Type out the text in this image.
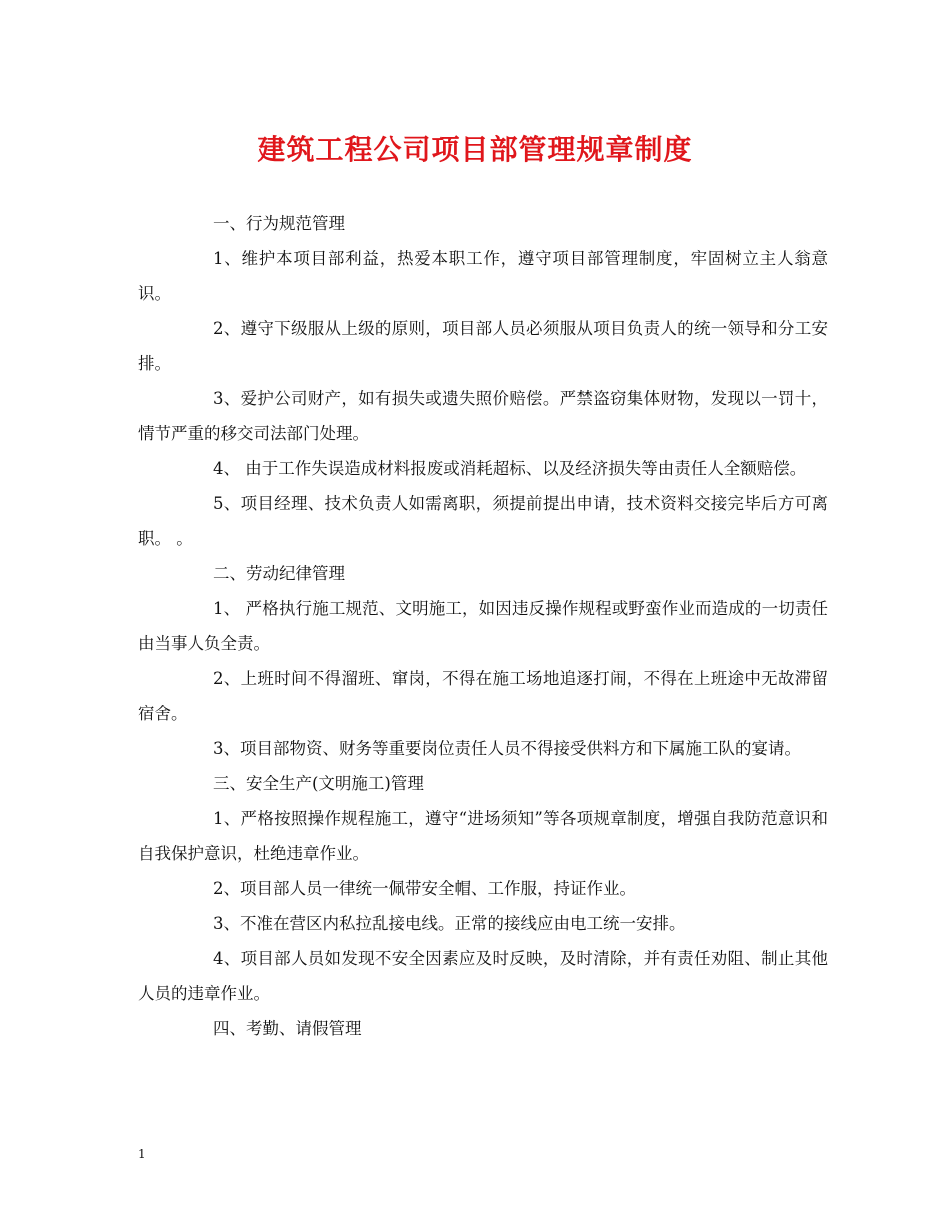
建筑工程公司项目部管理规章制度

一、行为规范管理

1、维护本项目部利益，热爱本职工作，遵守项目部管理制度，牢固树立主人翁意识。

2、遵守下级服从上级的原则，项目部人员必须服从项目负责人的统一领导和分工安排。

3、爱护公司财产，如有损失或遗失照价赔偿。严禁盗窃集体财物，发现以一罚十，情节严重的移交司法部门处理。

4、 由于工作失误造成材料报废或消耗超标、以及经济损失等由责任人全额赔偿。

5、项目经理、技术负责人如需离职，须提前提出申请，技术资料交接完毕后方可离职。 。

二、劳动纪律管理

1、 严格执行施工规范、文明施工，如因违反操作规程或野蛮作业而造成的一切责任由当事人负全责。

2、上班时间不得溜班、窜岗，不得在施工场地追逐打闹，不得在上班途中无故滞留宿舍。

3、项目部物资、财务等重要岗位责任人员不得接受供料方和下属施工队的宴请。

三、安全生产(文明施工)管理

1、严格按照操作规程施工，遵守“进场须知”等各项规章制度，增强自我防范意识和自我保护意识，杜绝违章作业。

2、项目部人员一律统一佩带安全帽、工作服，持证作业。

3、不准在营区内私拉乱接电线。正常的接线应由电工统一安排。

4、项目部人员如发现不安全因素应及时反映，及时清除，并有责任劝阻、制止其他人员的违章作业。

四、考勤、请假管理

1
